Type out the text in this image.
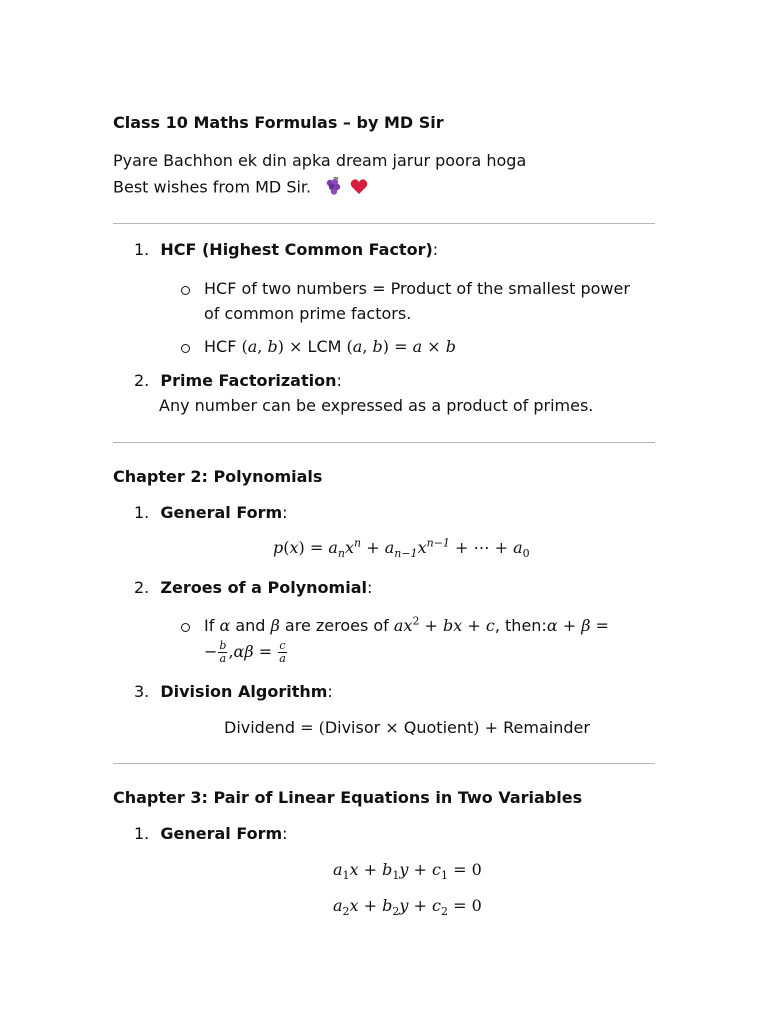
Class 10 Maths Formulas – by MD Sir
Pyare Bachhon ek din apka dream jarur poora hoga
Best wishes from MD Sir.
1. HCF (Highest Common Factor):
HCF of two numbers = Product of the smallest power
of common prime factors.
HCF (a, b) × LCM (a, b) = a × b
2. Prime Factorization:
Any number can be expressed as a product of primes.
Chapter 2: Polynomials
1. General Form:
$p(x) = a_nx^n + a_{n-1}x^{n-1}$ + ⋯ + $a_0$
2. Zeroes of a Polynomial:
If α and β are zeroes of $ax^2$ + bx + c, then:α + β =
− $\frac{b}{a} ,\alpha\beta = \frac{c}{a}$
3. Division Algorithm:
Dividend = (Divisor × Quotient) + Remainder
Chapter 3: Pair of Linear Equations in Two Variables
1. General Form:
$a_1x + b_1y + c_1 = 0$
$a_2x + b_2y + c_2 = 0$
